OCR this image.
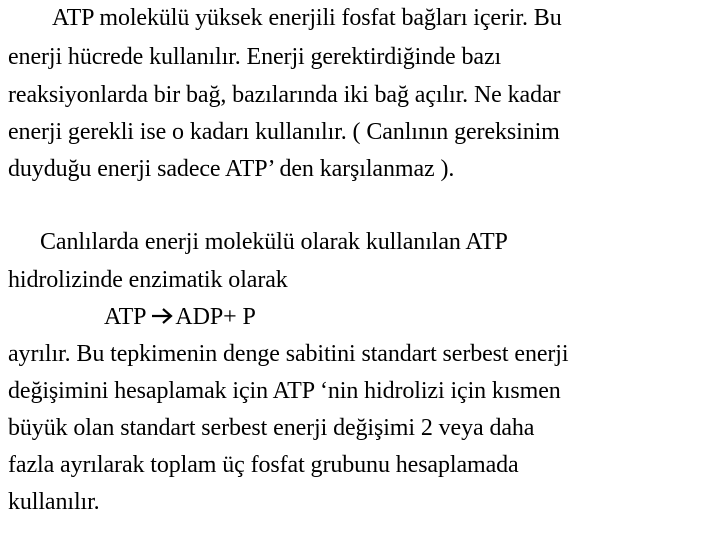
ATP molekülü yüksek enerjili fosfat bağları içerir. Bu
enerji hücrede kullanılır. Enerji gerektirdiğinde bazı
reaksiyonlarda bir bağ, bazılarında iki bağ açılır. Ne kadar
enerji gerekli ise o kadarı kullanılır. ( Canlının gereksinim
duyduğu enerji sadece ATP’ den karşılanmaz ).
Canlılarda enerji molekülü olarak kullanılan ATP
hidrolizinde enzimatik olarak
ATP ADP+ P
ayrılır. Bu tepkimenin denge sabitini standart serbest enerji
değişimini hesaplamak için ATP ‘nin hidrolizi için kısmen
büyük olan standart serbest enerji değişimi 2 veya daha
fazla ayrılarak toplam üç fosfat grubunu hesaplamada
kullanılır.
